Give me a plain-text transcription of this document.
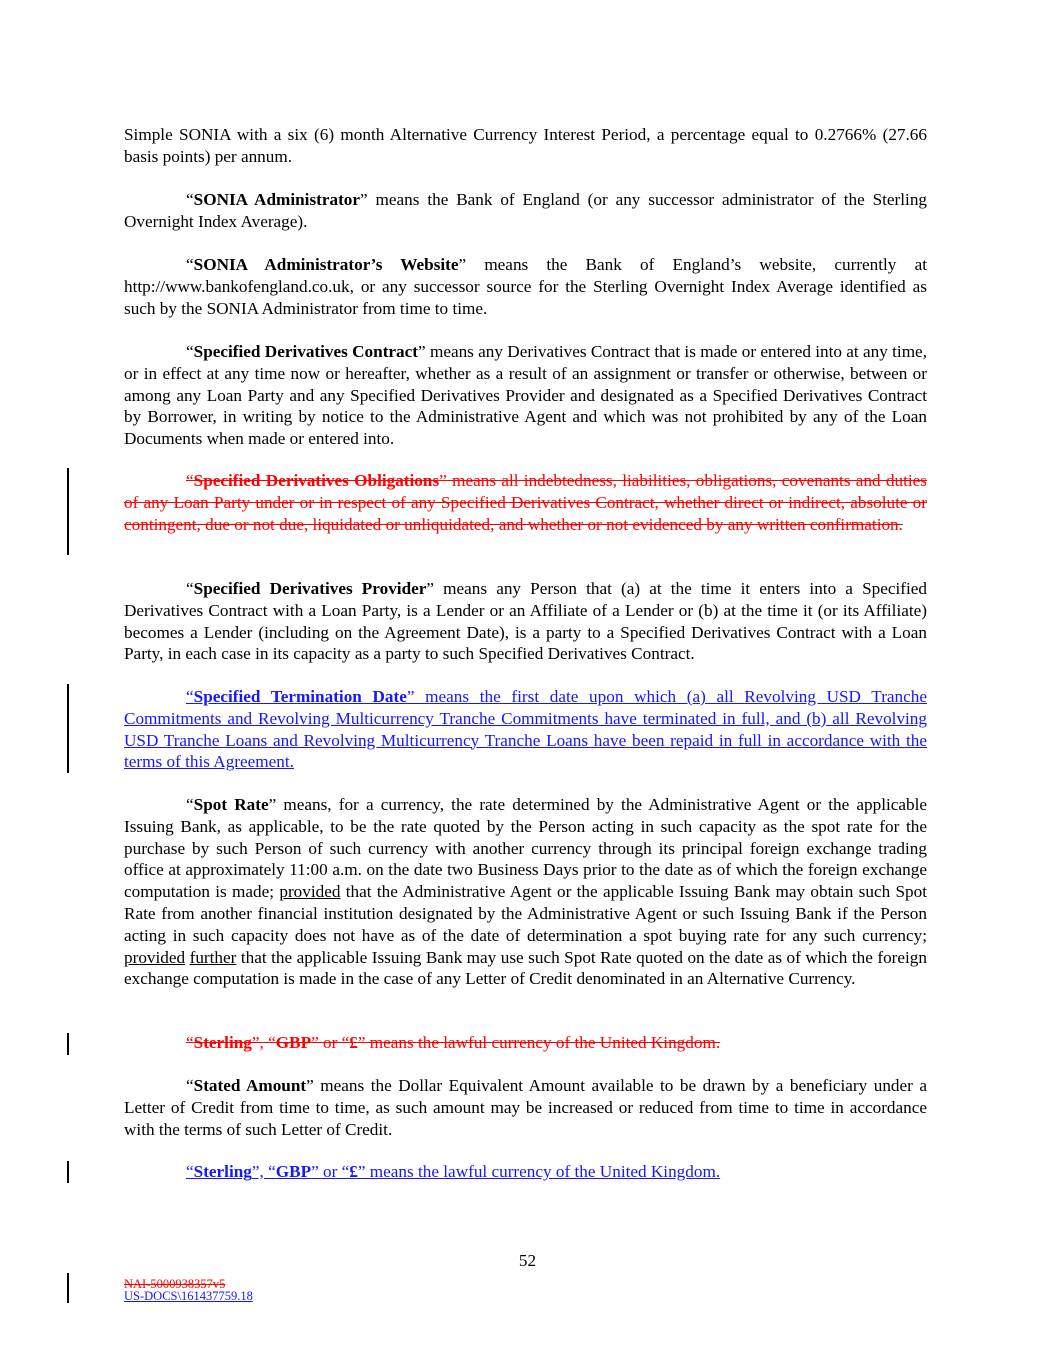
Simple SONIA with a six (6) month Alternative Currency Interest Period, a percentage equal to 0.2766% (27.66 basis points) per annum.
“SONIA Administrator” means the Bank of England (or any successor administrator of the Sterling Overnight Index Average).
“SONIA Administrator’s Website” means the Bank of England’s website, currently at http://www.bankofengland.co.uk, or any successor source for the Sterling Overnight Index Average identified as such by the SONIA Administrator from time to time.
“Specified Derivatives Contract” means any Derivatives Contract that is made or entered into at any time, or in effect at any time now or hereafter, whether as a result of an assignment or transfer or otherwise, between or among any Loan Party and any Specified Derivatives Provider and designated as a Specified Derivatives Contract by Borrower, in writing by notice to the Administrative Agent and which was not prohibited by any of the Loan Documents when made or entered into.
“Specified Derivatives Obligations” means all indebtedness, liabilities, obligations, covenants and duties of any Loan Party under or in respect of any Specified Derivatives Contract, whether direct or indirect, absolute or contingent, due or not due, liquidated or unliquidated, and whether or not evidenced by any written confirmation.
“Specified Derivatives Provider” means any Person that (a) at the time it enters into a Specified Derivatives Contract with a Loan Party, is a Lender or an Affiliate of a Lender or (b) at the time it (or its Affiliate) becomes a Lender (including on the Agreement Date), is a party to a Specified Derivatives Contract with a Loan Party, in each case in its capacity as a party to such Specified Derivatives Contract.
“Specified Termination Date” means the first date upon which (a) all Revolving USD Tranche Commitments and Revolving Multicurrency Tranche Commitments have terminated in full, and (b) all Revolving USD Tranche Loans and Revolving Multicurrency Tranche Loans have been repaid in full in accordance with the terms of this Agreement.
“Spot Rate” means, for a currency, the rate determined by the Administrative Agent or the applicable Issuing Bank, as applicable, to be the rate quoted by the Person acting in such capacity as the spot rate for the purchase by such Person of such currency with another currency through its principal foreign exchange trading office at approximately 11:00 a.m. on the date two Business Days prior to the date as of which the foreign exchange computation is made; provided that the Administrative Agent or the applicable Issuing Bank may obtain such Spot Rate from another financial institution designated by the Administrative Agent or such Issuing Bank if the Person acting in such capacity does not have as of the date of determination a spot buying rate for any such currency; provided further that the applicable Issuing Bank may use such Spot Rate quoted on the date as of which the foreign exchange computation is made in the case of any Letter of Credit denominated in an Alternative Currency.
“Sterling”, “GBP” or “£” means the lawful currency of the United Kingdom.
“Stated Amount” means the Dollar Equivalent Amount available to be drawn by a beneficiary under a Letter of Credit from time to time, as such amount may be increased or reduced from time to time in accordance with the terms of such Letter of Credit.
“Sterling”, “GBP” or “£” means the lawful currency of the United Kingdom.
52
NAI-5000938357v5
US-DOCS\161437759.18
